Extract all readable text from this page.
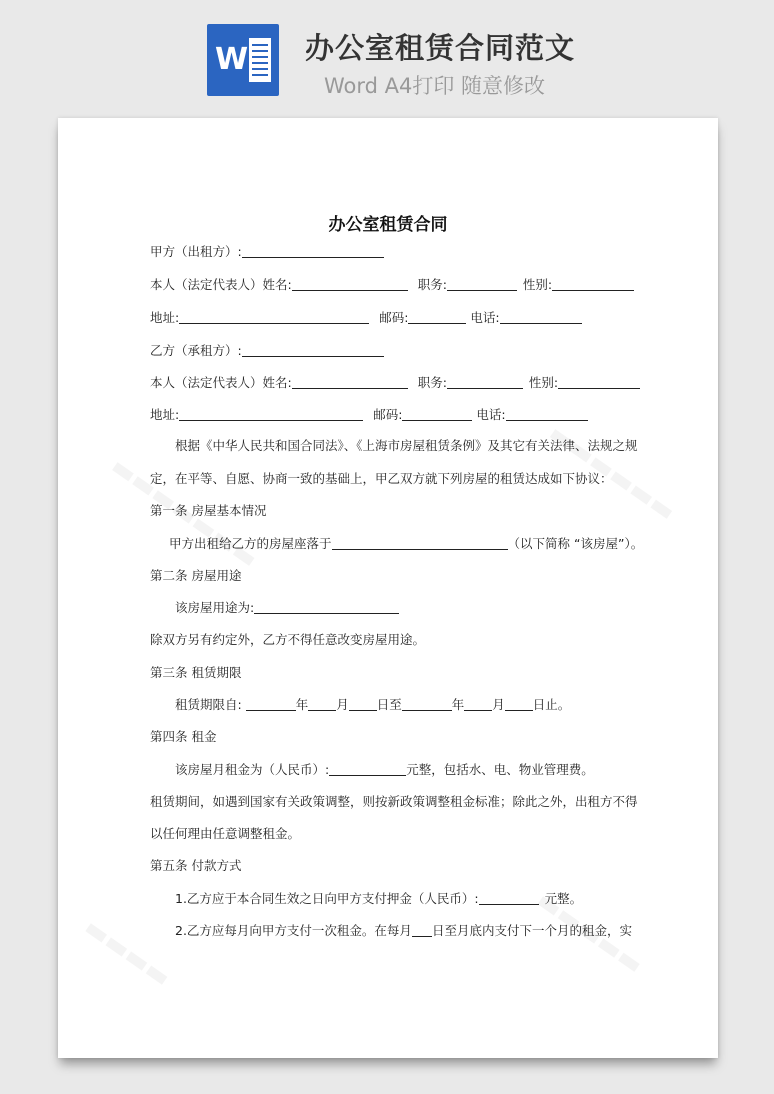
W 办公室租赁合同范文
Word A4打印 随意修改
办公室租赁合同
甲方（出租方）:
本人（法定代表人）姓名:	职务:	性别:
地址:	邮码:	电话:
乙方（承租方）:
本人（法定代表人）姓名:	职务:	性别:
地址:	邮码:	电话:
根据《中华人民共和国合同法》、《上海市房屋租赁条例》及其它有关法律、法规之规
定，在平等、自愿、协商一致的基础上，甲乙双方就下列房屋的租赁达成如下协议：
第一条 房屋基本情况
甲方出租给乙方的房屋座落于	（以下简称 “该房屋”）。
第二条 房屋用途
该房屋用途为:
除双方另有约定外，乙方不得任意改变房屋用途。
第三条 租赁期限
租赁期限自:	年 月 日至	年 月 日止。
第四条 租金
该房屋月租金为（人民币）:	元整，包括水、电、物业管理费。
租赁期间，如遇到国家有关政策调整，则按新政策调整租金标准；除此之外，出租方不得
以任何理由任意调整租金。
第五条 付款方式
1.乙方应于本合同生效之日向甲方支付押金（人民币）:	元整。
2.乙方应每月向甲方支付一次租金。在每月 日至月底内支付下一个月的租金，实
